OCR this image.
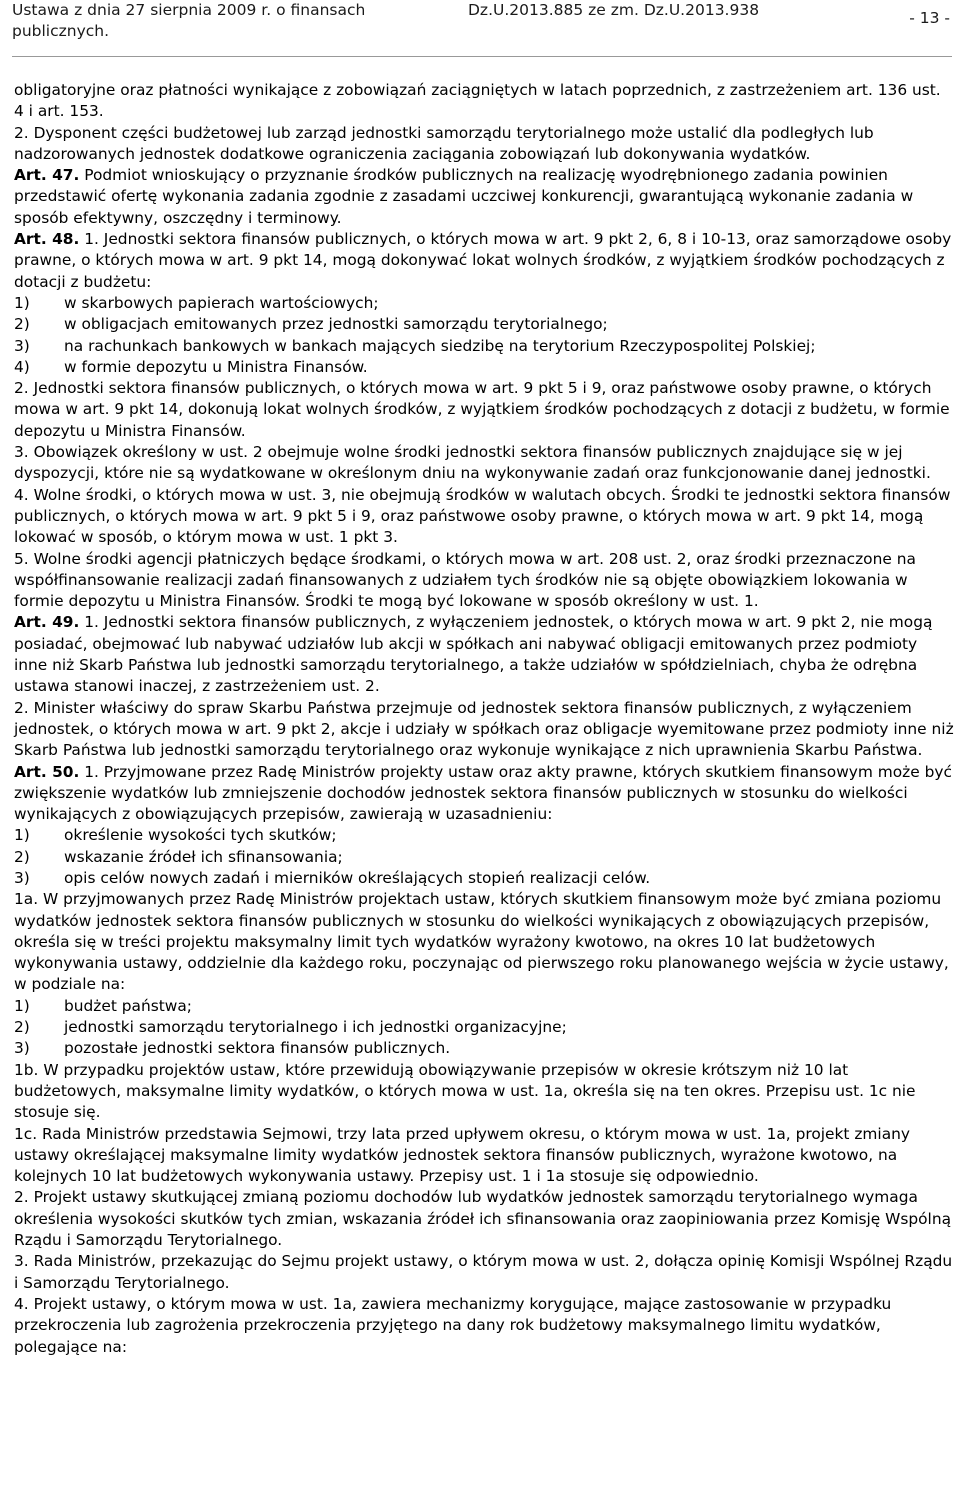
Ustawa z dnia 27 sierpnia 2009 r. o finansach publicznych.
Dz.U.2013.885 ze zm. Dz.U.2013.938	- 13 -

obligatoryjne oraz płatności wynikające z zobowiązań zaciągniętych w latach poprzednich, z zastrzeżeniem art. 136 ust. 4 i art. 153.

2. Dysponent części budżetowej lub zarząd jednostki samorządu terytorialnego może ustalić dla podległych lub nadzorowanych jednostek dodatkowe ograniczenia zaciągania zobowiązań lub dokonywania wydatków.

Art. 47. Podmiot wnioskujący o przyznanie środków publicznych na realizację wyodrębnionego zadania powinien przedstawić ofertę wykonania zadania zgodnie z zasadami uczciwej konkurencji, gwarantującą wykonanie zadania w sposób efektywny, oszczędny i terminowy.

Art. 48. 1. Jednostki sektora finansów publicznych, o których mowa w art. 9 pkt 2, 6, 8 i 10-13, oraz samorządowe osoby prawne, o których mowa w art. 9 pkt 14, mogą dokonywać lokat wolnych środków, z wyjątkiem środków pochodzących z dotacji z budżetu:

1)	w skarbowych papierach wartościowych;
2)	w obligacjach emitowanych przez jednostki samorządu terytorialnego;
3)	na rachunkach bankowych w bankach mających siedzibę na terytorium Rzeczypospolitej Polskiej;
4)	w formie depozytu u Ministra Finansów.

2. Jednostki sektora finansów publicznych, o których mowa w art. 9 pkt 5 i 9, oraz państwowe osoby prawne, o których mowa w art. 9 pkt 14, dokonują lokat wolnych środków, z wyjątkiem środków pochodzących z dotacji z budżetu, w formie depozytu u Ministra Finansów.

3. Obowiązek określony w ust. 2 obejmuje wolne środki jednostki sektora finansów publicznych znajdujące się w jej dyspozycji, które nie są wydatkowane w określonym dniu na wykonywanie zadań oraz funkcjonowanie danej jednostki.

4. Wolne środki, o których mowa w ust. 3, nie obejmują środków w walutach obcych. Środki te jednostki sektora finansów publicznych, o których mowa w art. 9 pkt 5 i 9, oraz państwowe osoby prawne, o których mowa w art. 9 pkt 14, mogą lokować w sposób, o którym mowa w ust. 1 pkt 3.

5. Wolne środki agencji płatniczych będące środkami, o których mowa w art. 208 ust. 2, oraz środki przeznaczone na współfinansowanie realizacji zadań finansowanych z udziałem tych środków nie są objęte obowiązkiem lokowania w formie depozytu u Ministra Finansów. Środki te mogą być lokowane w sposób określony w ust. 1.

Art. 49. 1. Jednostki sektora finansów publicznych, z wyłączeniem jednostek, o których mowa w art. 9 pkt 2, nie mogą posiadać, obejmować lub nabywać udziałów lub akcji w spółkach ani nabywać obligacji emitowanych przez podmioty inne niż Skarb Państwa lub jednostki samorządu terytorialnego, a także udziałów w spółdzielniach, chyba że odrębna ustawa stanowi inaczej, z zastrzeżeniem ust. 2.

2. Minister właściwy do spraw Skarbu Państwa przejmuje od jednostek sektora finansów publicznych, z wyłączeniem jednostek, o których mowa w art. 9 pkt 2, akcje i udziały w spółkach oraz obligacje wyemitowane przez podmioty inne niż Skarb Państwa lub jednostki samorządu terytorialnego oraz wykonuje wynikające z nich uprawnienia Skarbu Państwa.

Art. 50. 1. Przyjmowane przez Radę Ministrów projekty ustaw oraz akty prawne, których skutkiem finansowym może być zwiększenie wydatków lub zmniejszenie dochodów jednostek sektora finansów publicznych w stosunku do wielkości wynikających z obowiązujących przepisów, zawierają w uzasadnieniu:

1)	określenie wysokości tych skutków;
2)	wskazanie źródeł ich sfinansowania;
3)	opis celów nowych zadań i mierników określających stopień realizacji celów.

1a. W przyjmowanych przez Radę Ministrów projektach ustaw, których skutkiem finansowym może być zmiana poziomu wydatków jednostek sektora finansów publicznych w stosunku do wielkości wynikających z obowiązujących przepisów, określa się w treści projektu maksymalny limit tych wydatków wyrażony kwotowo, na okres 10 lat budżetowych wykonywania ustawy, oddzielnie dla każdego roku, poczynając od pierwszego roku planowanego wejścia w życie ustawy, w podziale na:

1)	budżet państwa;
2)	jednostki samorządu terytorialnego i ich jednostki organizacyjne;
3)	pozostałe jednostki sektora finansów publicznych.

1b. W przypadku projektów ustaw, które przewidują obowiązywanie przepisów w okresie krótszym niż 10 lat budżetowych, maksymalne limity wydatków, o których mowa w ust. 1a, określa się na ten okres. Przepisu ust. 1c nie stosuje się.

1c. Rada Ministrów przedstawia Sejmowi, trzy lata przed upływem okresu, o którym mowa w ust. 1a, projekt zmiany ustawy określającej maksymalne limity wydatków jednostek sektora finansów publicznych, wyrażone kwotowo, na kolejnych 10 lat budżetowych wykonywania ustawy. Przepisy ust. 1 i 1a stosuje się odpowiednio.

2. Projekt ustawy skutkującej zmianą poziomu dochodów lub wydatków jednostek samorządu terytorialnego wymaga określenia wysokości skutków tych zmian, wskazania źródeł ich sfinansowania oraz zaopiniowania przez Komisję Wspólną Rządu i Samorządu Terytorialnego.

3. Rada Ministrów, przekazując do Sejmu projekt ustawy, o którym mowa w ust. 2, dołącza opinię Komisji Wspólnej Rządu i Samorządu Terytorialnego.

4. Projekt ustawy, o którym mowa w ust. 1a, zawiera mechanizmy korygujące, mające zastosowanie w przypadku przekroczenia lub zagrożenia przekroczenia przyjętego na dany rok budżetowy maksymalnego limitu wydatków, polegające na:
